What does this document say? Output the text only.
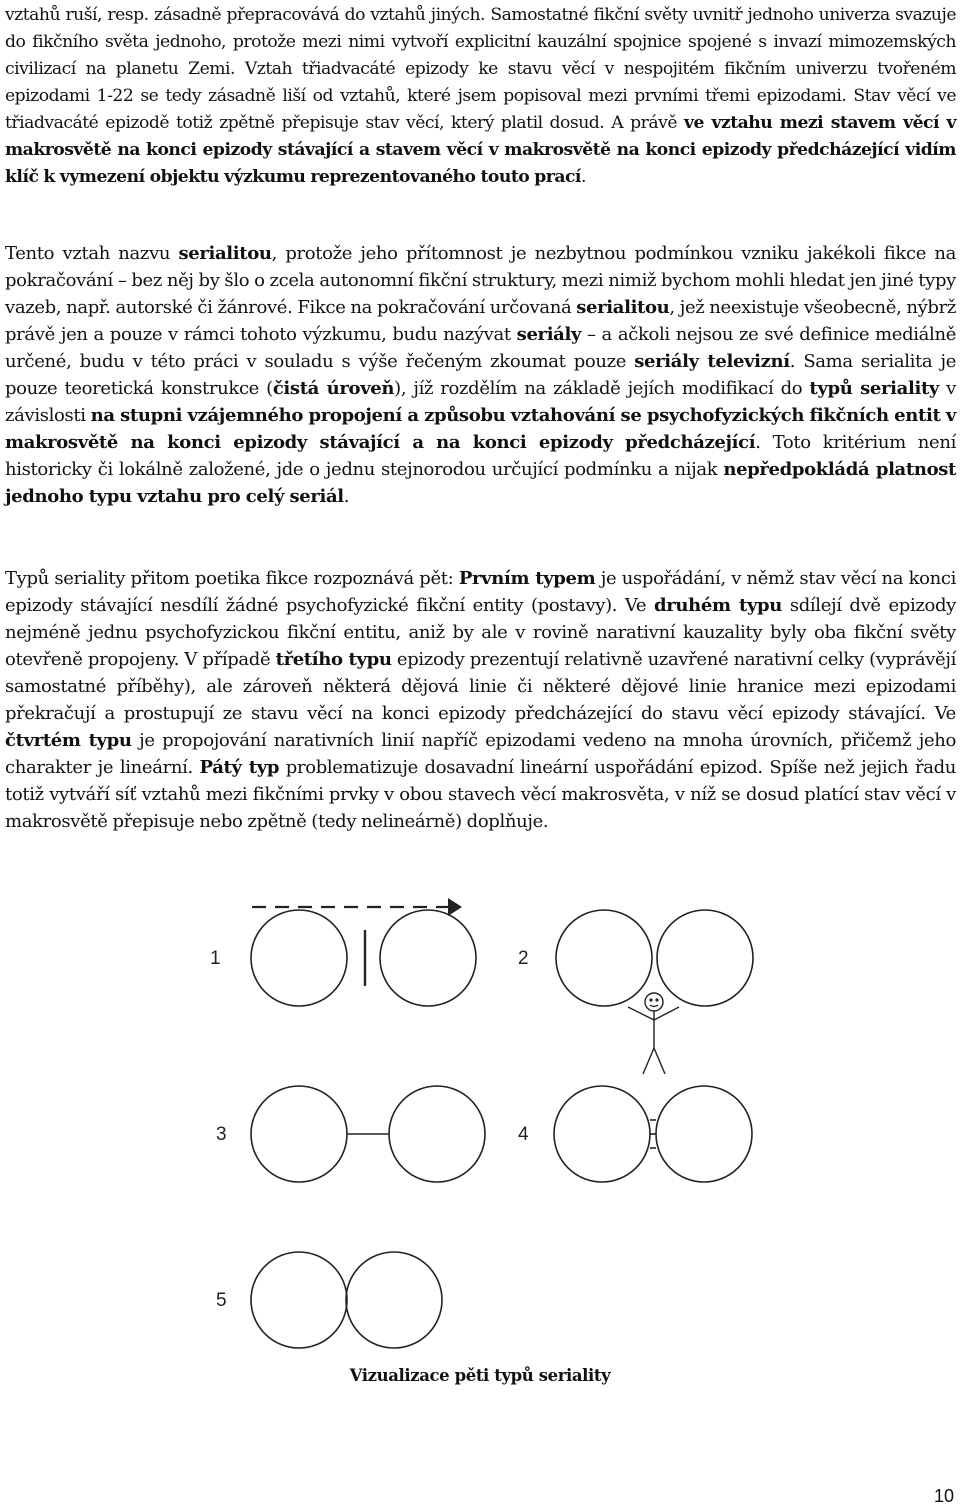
vztahů ruší, resp. zásadně přepracovává do vztahů jiných. Samostatné fikční světy uvnitř jednoho univerza svazuje do fikčního světa jednoho, protože mezi nimi vytvoří explicitní kauzální spojnice spojené s invazí mimozemských civilizací na planetu Zemi. Vztah třiadvacáté epizody ke stavu věcí v nespojitém fikčním univerzu tvořeném epizodami 1-22 se tedy zásadně liší od vztahů, které jsem popisoval mezi prvními třemi epizodami. Stav věcí ve třiadvacáté epizodě totiž zpětně přepisuje stav věcí, který platil dosud. A právě ve vztahu mezi stavem věcí v makrosvětě na konci epizody stávající a stavem věcí v makrosvětě na konci epizody předcházející vidím klíč k vymezení objektu výzkumu reprezentovaného touto prací.

Tento vztah nazvu serialitou, protože jeho přítomnost je nezbytnou podmínkou vzniku jakékoli fikce na pokračování – bez něj by šlo o zcela autonomní fikční struktury, mezi nimiž bychom mohli hledat jen jiné typy vazeb, např. autorské či žánrové. Fikce na pokračování určovaná serialitou, jež neexistuje všeobecně, nýbrž právě jen a pouze v rámci tohoto výzkumu, budu nazývat seriály – a ačkoli nejsou ze své definice mediálně určené, budu v této práci v souladu s výše řečeným zkoumat pouze seriály televizní. Sama serialita je pouze teoretická konstrukce (čistá úroveň), jíž rozdělím na základě jejích modifikací do typů seriality v závislosti na stupni vzájemného propojení a způsobu vztahování se psychofyzických fikčních entit v makrosvětě na konci epizody stávající a na konci epizody předcházející. Toto kritérium není historicky či lokálně založené, jde o jednu stejnorodou určující podmínku a nijak nepředpokládá platnost jednoho typu vztahu pro celý seriál.

Typů seriality přitom poetika fikce rozpoznává pět: Prvním typem je uspořádání, v němž stav věcí na konci epizody stávající nesdílí žádné psychofyzické fikční entity (postavy). Ve druhém typu sdílejí dvě epizody nejméně jednu psychofyzickou fikční entitu, aniž by ale v rovině narativní kauzality byly oba fikční světy otevřeně propojeny. V případě třetího typu epizody prezentují relativně uzavřené narativní celky (vyprávějí samostatné příběhy), ale zároveň některá dějová linie či některé dějové linie hranice mezi epizodami překračují a prostupují ze stavu věcí na konci epizody předcházející do stavu věcí epizody stávající. Ve čtvrtém typu je propojování narativních linií napříč epizodami vedeno na mnoha úrovních, přičemž jeho charakter je lineární. Pátý typ problematizuje dosavadní lineární uspořádání epizod. Spíše než jejich řadu totiž vytváří síť vztahů mezi fikčními prvky v obou stavech věcí makrosvěta, v níž se dosud platící stav věcí v makrosvětě přepisuje nebo zpětně (tedy nelineárně) doplňuje.

1	2
3	4
5
Vizualizace pěti typů seriality
10
